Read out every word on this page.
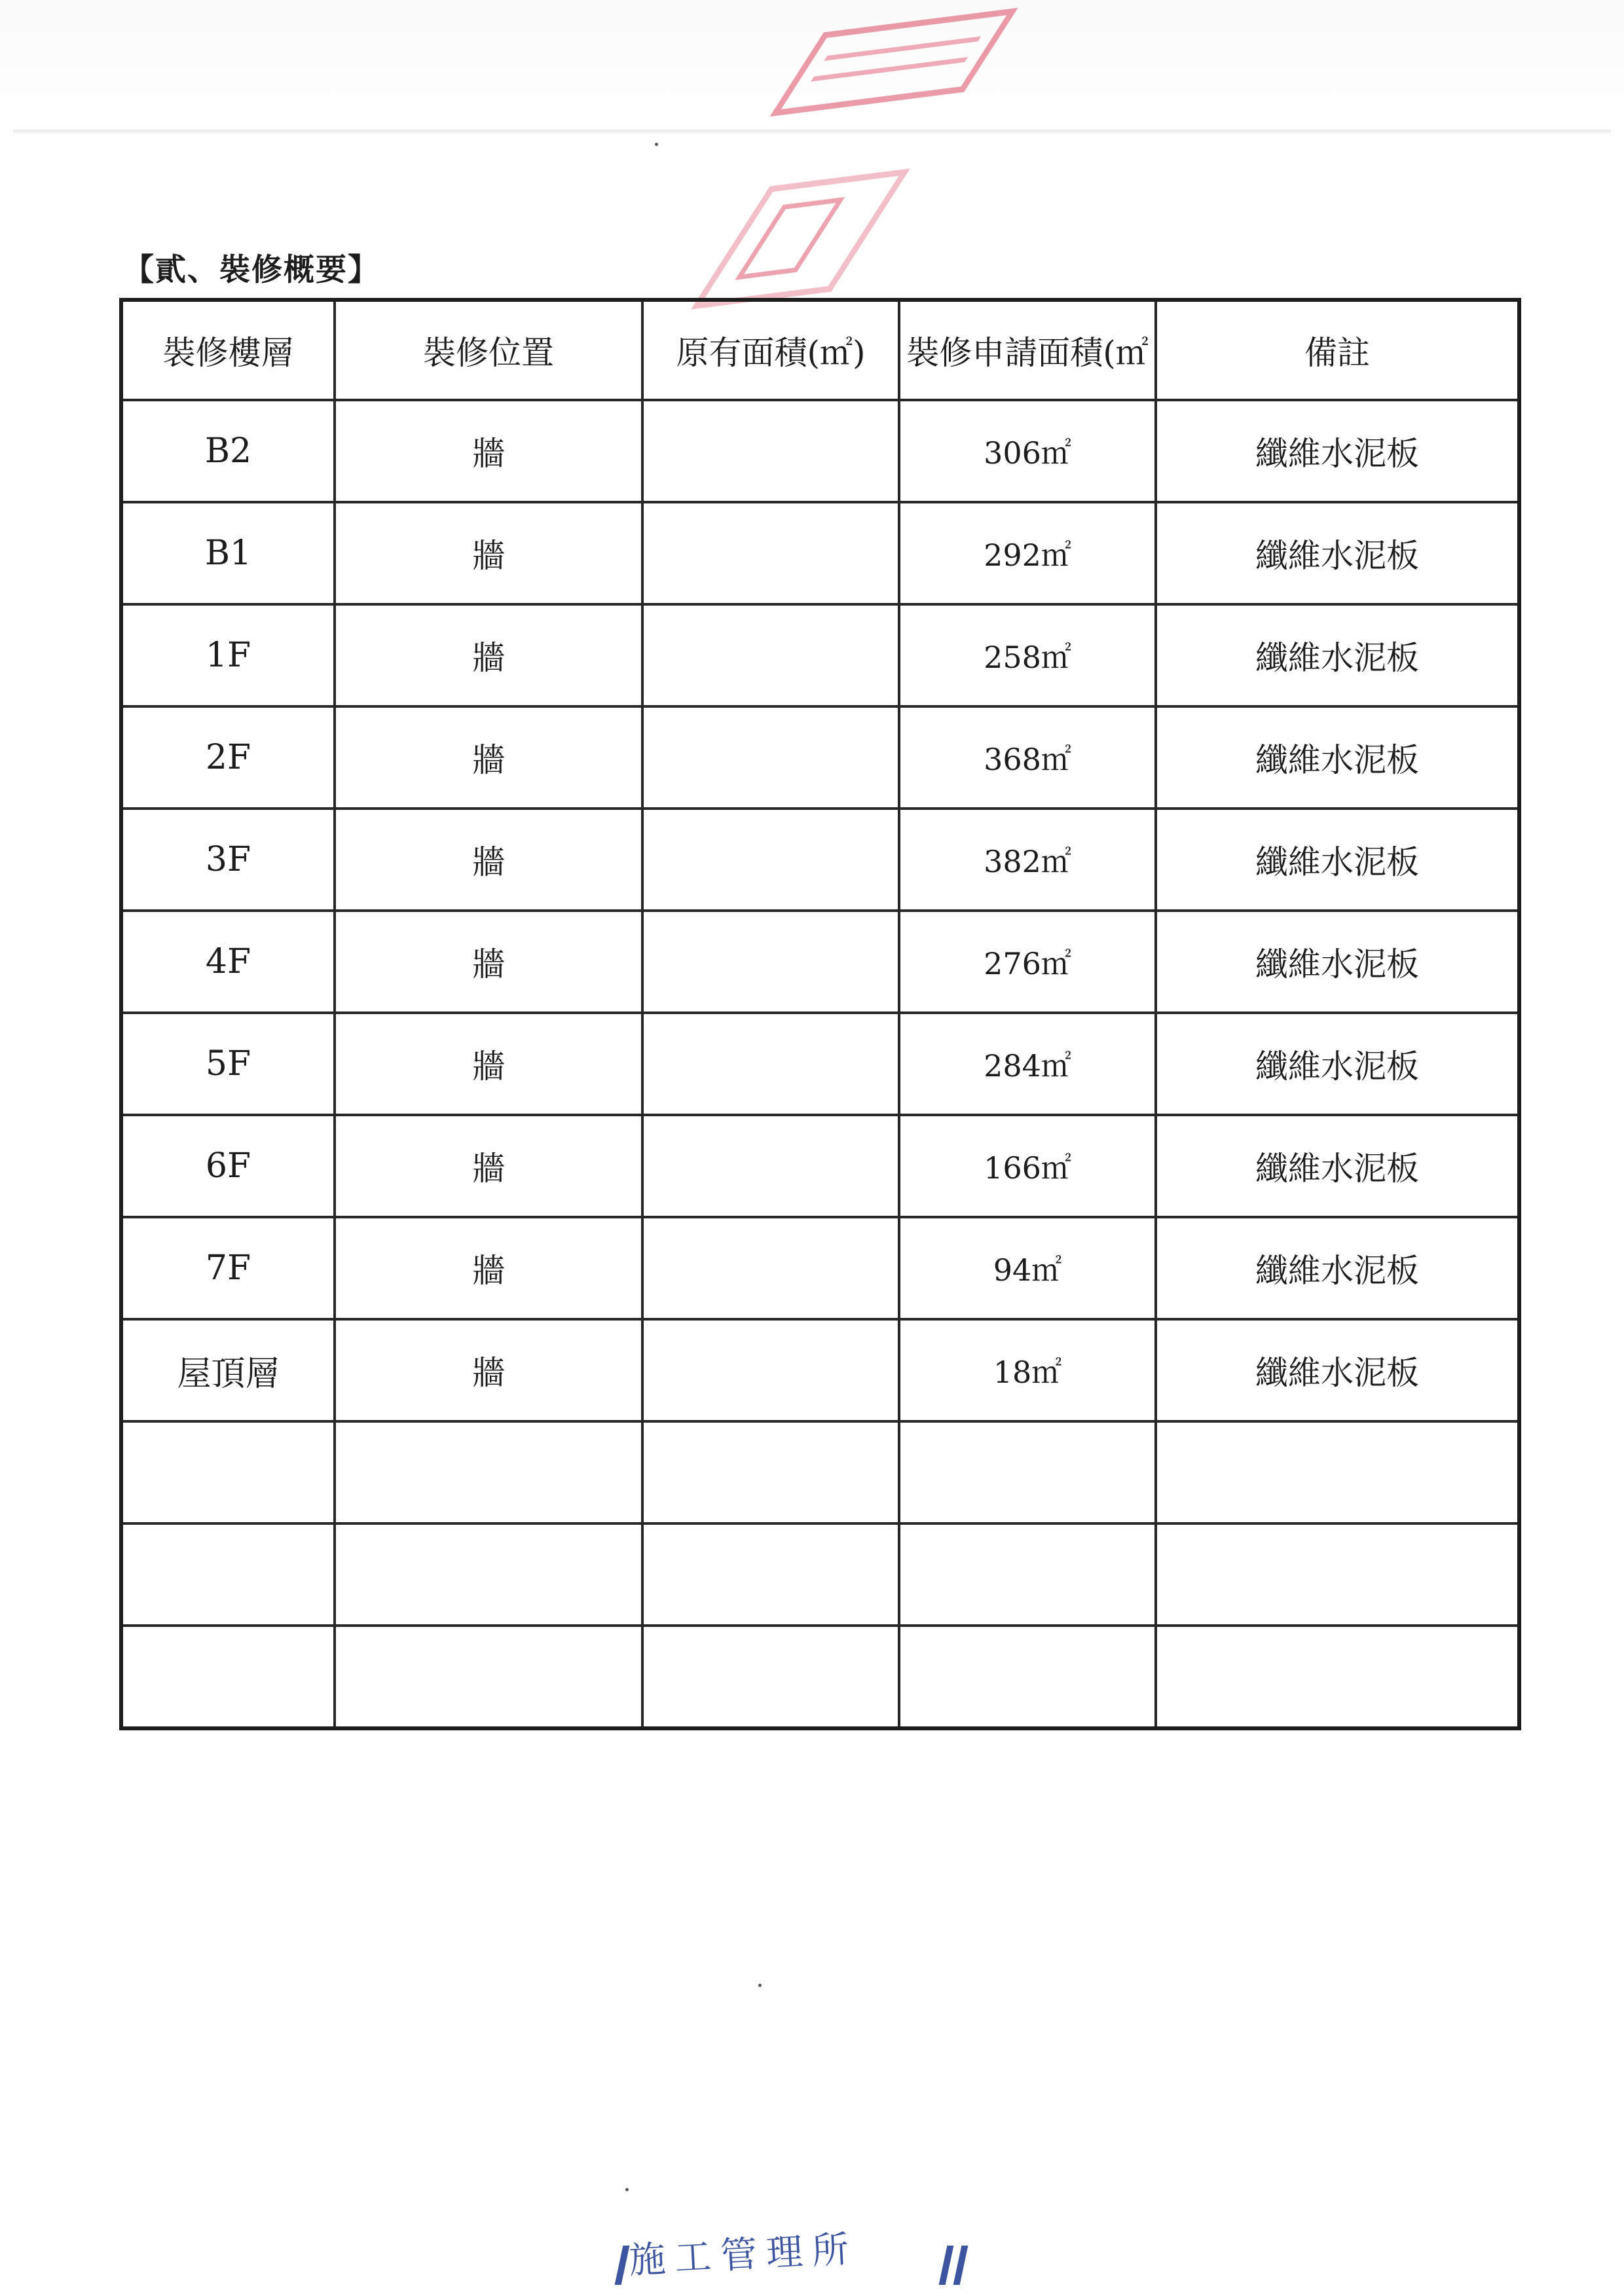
【貳、裝修概要】
裝修樓層	裝修位置	原有面積(㎡)	裝修申請面積(㎡	備註
B2	牆		306㎡	纖維水泥板
B1	牆		292㎡	纖維水泥板
1F	牆		258㎡	纖維水泥板
2F	牆		368㎡	纖維水泥板
3F	牆		382㎡	纖維水泥板
4F	牆		276㎡	纖維水泥板
5F	牆		284㎡	纖維水泥板
6F	牆		166㎡	纖維水泥板
7F	牆		94㎡	纖維水泥板
屋頂層	牆		18㎡	纖維水泥板

施工管理所
